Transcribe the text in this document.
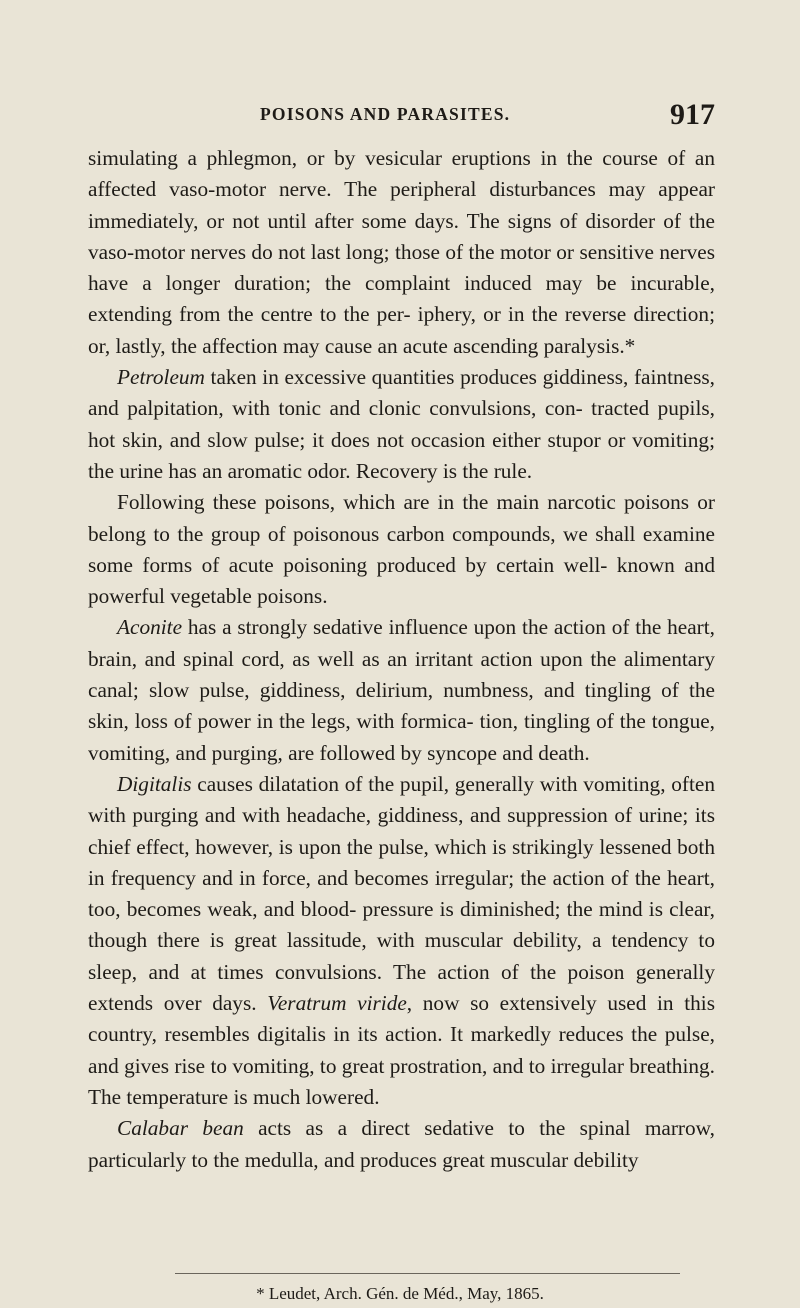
POISONS AND PARASITES.	917

simulating a phlegmon, or by vesicular eruptions in the course of an affected vaso-motor nerve. The peripheral disturbances may appear immediately, or not until after some days. The signs of disorder of the vaso-motor nerves do not last long; those of the motor or sensitive nerves have a longer duration; the complaint induced may be incurable, extending from the centre to the per- iphery, or in the reverse direction; or, lastly, the affection may cause an acute ascending paralysis.*

Petroleum taken in excessive quantities produces giddiness, faintness, and palpitation, with tonic and clonic convulsions, con- tracted pupils, hot skin, and slow pulse; it does not occasion either stupor or vomiting; the urine has an aromatic odor. Recovery is the rule.

Following these poisons, which are in the main narcotic poisons or belong to the group of poisonous carbon compounds, we shall examine some forms of acute poisoning produced by certain well- known and powerful vegetable poisons.

Aconite has a strongly sedative influence upon the action of the heart, brain, and spinal cord, as well as an irritant action upon the alimentary canal; slow pulse, giddiness, delirium, numbness, and tingling of the skin, loss of power in the legs, with formica- tion, tingling of the tongue, vomiting, and purging, are followed by syncope and death.

Digitalis causes dilatation of the pupil, generally with vomiting, often with purging and with headache, giddiness, and suppression of urine; its chief effect, however, is upon the pulse, which is strikingly lessened both in frequency and in force, and becomes irregular; the action of the heart, too, becomes weak, and blood- pressure is diminished; the mind is clear, though there is great lassitude, with muscular debility, a tendency to sleep, and at times convulsions. The action of the poison generally extends over days. Veratrum viride, now so extensively used in this country, resembles digitalis in its action. It markedly reduces the pulse, and gives rise to vomiting, to great prostration, and to irregular breathing. The temperature is much lowered.

Calabar bean acts as a direct sedative to the spinal marrow, particularly to the medulla, and produces great muscular debility

* Leudet, Arch. Gén. de Méd., May, 1865.
